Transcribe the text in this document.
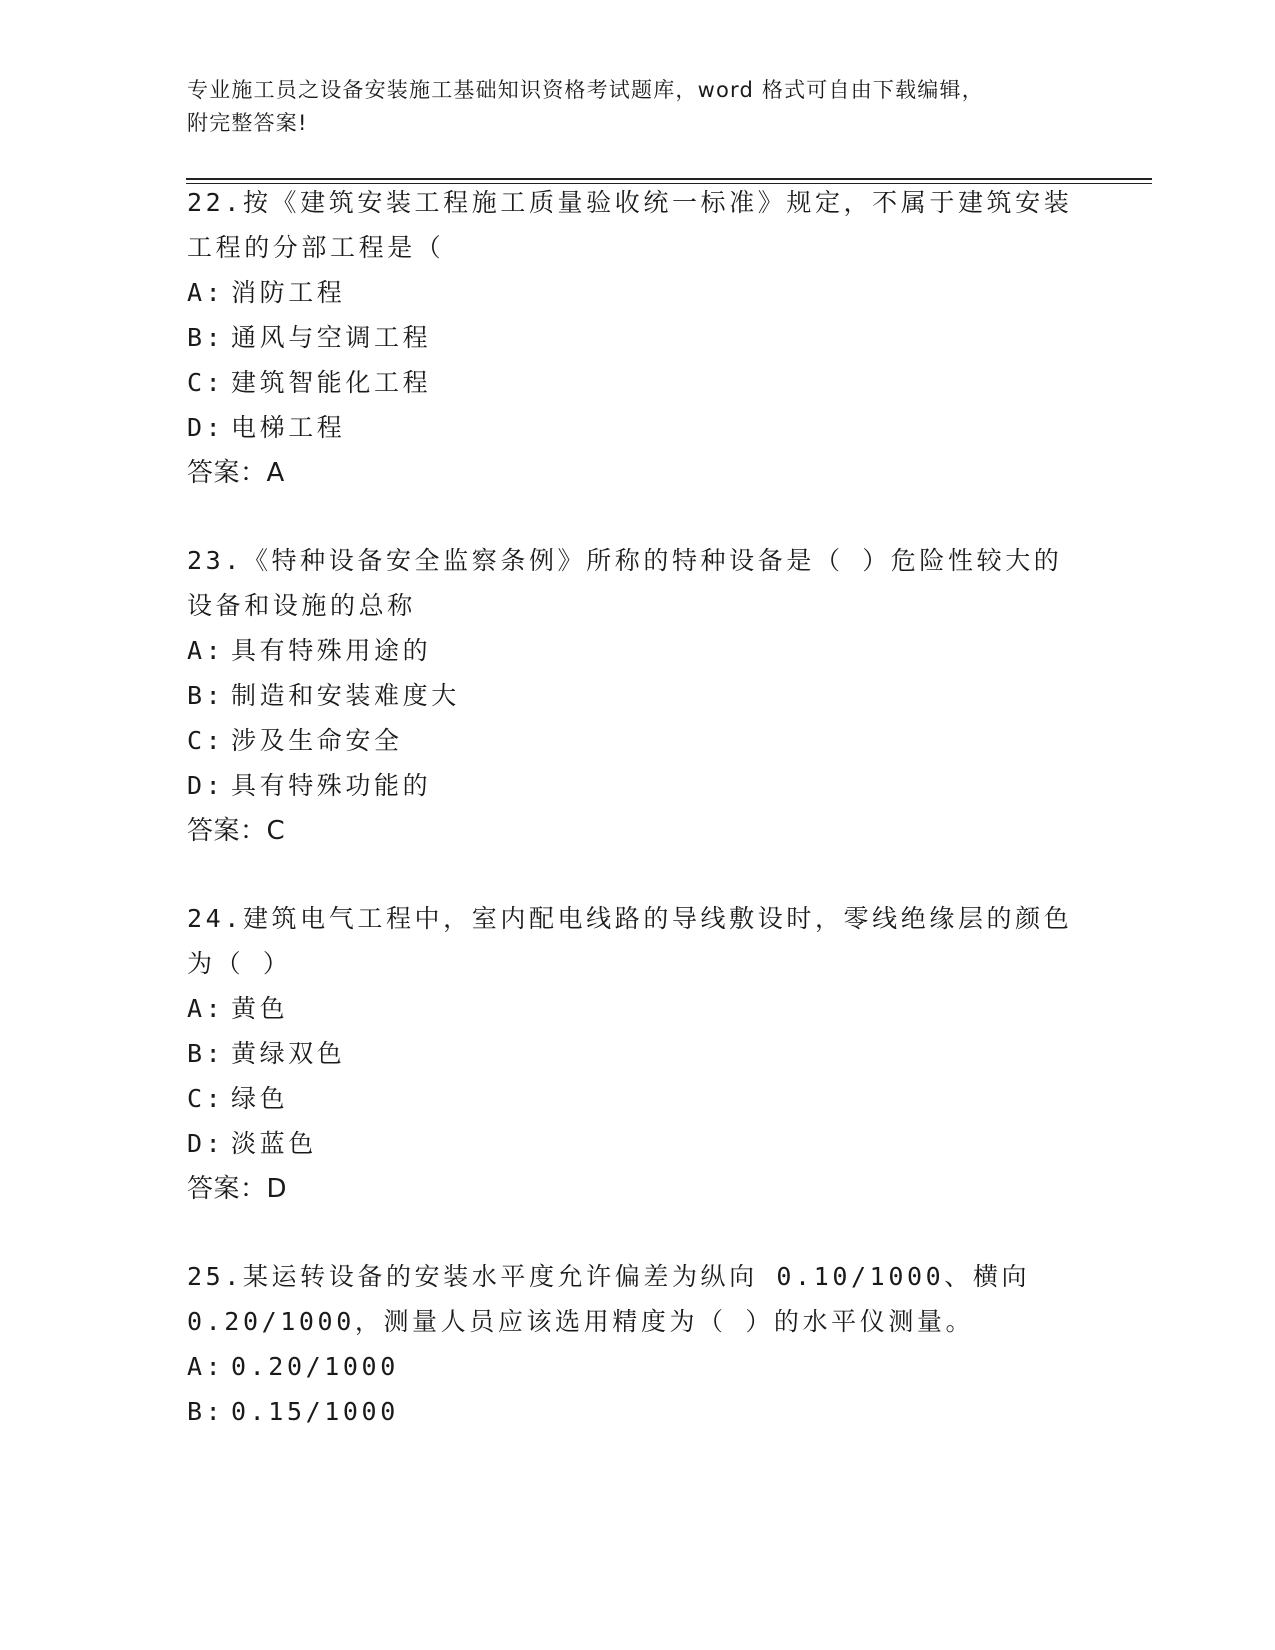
专业施工员之设备安装施工基础知识资格考试题库，word 格式可自由下载编辑，
附完整答案!
22.按《建筑安装工程施工质量验收统一标准》规定，不属于建筑安装
工程的分部工程是（
A: 消防工程
B: 通风与空调工程
C: 建筑智能化工程
D: 电梯工程
答案：A
23.《特种设备安全监察条例》所称的特种设备是（ ）危险性较大的
设备和设施的总称
A: 具有特殊用途的
B: 制造和安装难度大
C: 涉及生命安全
D: 具有特殊功能的
答案：C
24.建筑电气工程中，室内配电线路的导线敷设时，零线绝缘层的颜色
为（ ）
A: 黄色
B: 黄绿双色
C: 绿色
D: 淡蓝色
答案：D
25.某运转设备的安装水平度允许偏差为纵向 0.10/1000、横向
0.20/1000，测量人员应该选用精度为（ ）的水平仪测量。
A: 0.20/1000
B: 0.15/1000
